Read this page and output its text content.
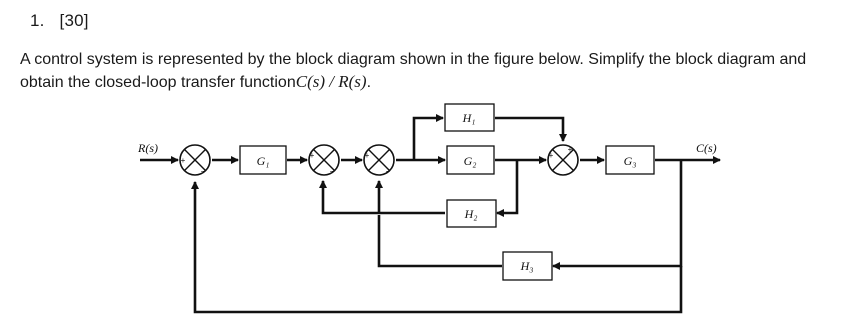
1. [30]
A control system is represented by the block diagram shown in the figure below. Simplify the block diagram and obtain the closed-loop transfer functionC(s) / R(s).
G₁
H₁
G₂
H₂
G₃
H₃
+
−
+
−
+
−
+
+
R(s)	C(s)
